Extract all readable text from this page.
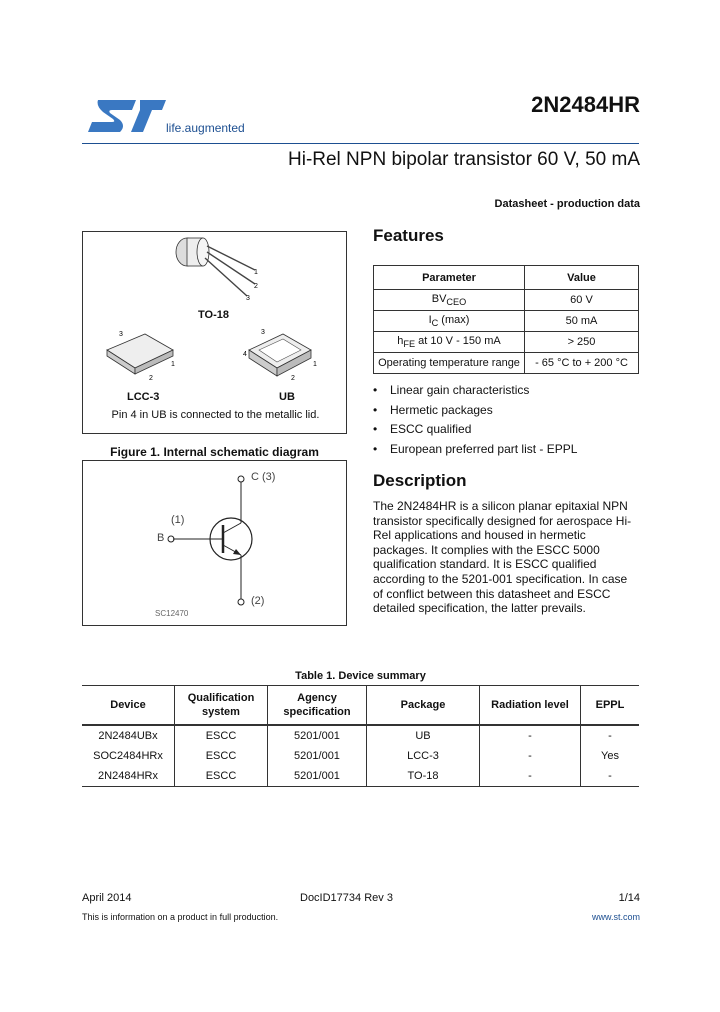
life.augmented
2N2484HR
Hi-Rel NPN bipolar transistor 60 V, 50 mA
Datasheet - production data
1
2
3
3
1
2
3
4
1
2
TO-18
LCC-3	UB
Pin 4 in UB is connected to the metallic lid.
Figure 1. Internal schematic diagram
C (3)
B
(1)
(2)
SC12470
Features
Parameter	Value
$BV_{CEO}$	60 V
$I_C$ (max)	50 mA
$h_{FE}$ at 10 V - 150 mA	> 250
Operating temperature range	- 65 °C to + 200 °C
• Linear gain characteristics
• Hermetic packages
• ESCC qualified
• European preferred part list - EPPL
Description
The 2N2484HR is a silicon planar epitaxial NPN transistor specifically designed for aerospace Hi-Rel applications and housed in hermetic packages. It complies with the ESCC 5000 qualification standard. It is ESCC qualified according to the 5201-001 specification. In case of conflict between this datasheet and ESCC detailed specification, the latter prevails.
Table 1. Device summary
Device	Qualification system	Agency specification	Package	Radiation level	EPPL
2N2484UBx	ESCC	5201/001	UB	-	-
SOC2484HRx	ESCC	5201/001	LCC-3	-	Yes
2N2484HRx	ESCC	5201/001	TO-18	-	-
April 2014	DocID17734 Rev 3	1/14
This is information on a product in full production.	www.st.com
